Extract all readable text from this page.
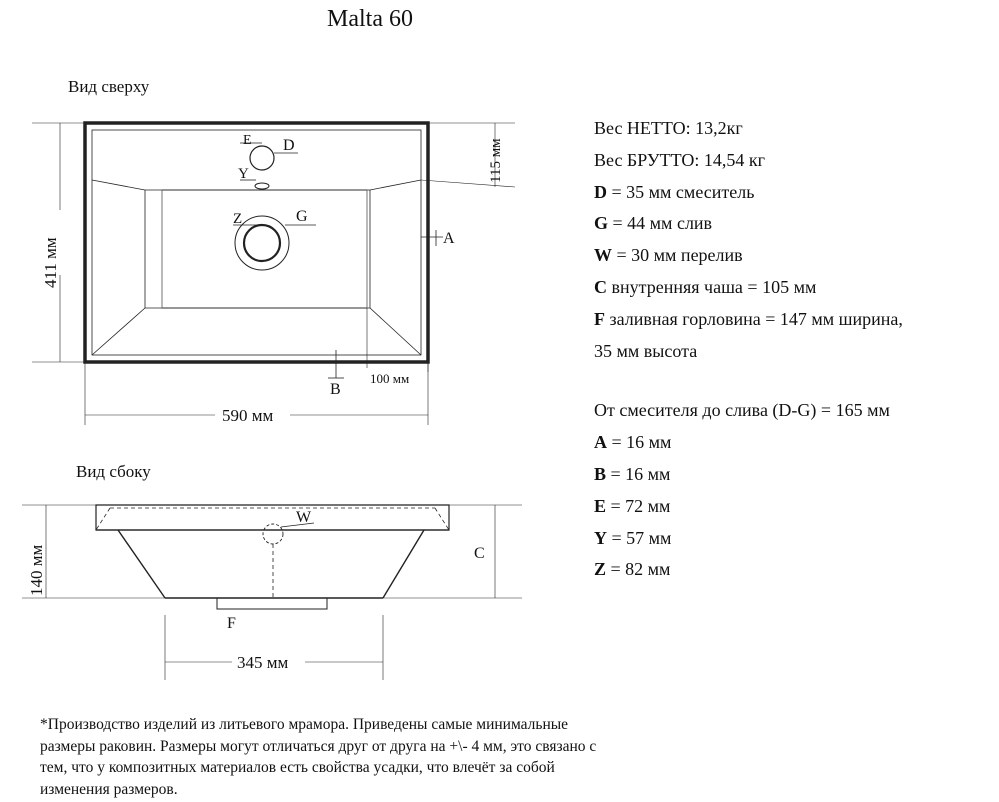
Malta 60
Вид сверху
Вид сбоку
E D
Y
Z	G
A
B
411 мм
590 мм
115 мм
100 мм
W
C
F
140 мм
345 мм
Вес НЕТТО: 13,2кг
Вес БРУТТО: 14,54 кг
D = 35 мм смеситель
G = 44 мм слив
W = 30 мм перелив
C внутренняя чаша = 105 мм
F заливная горловина = 147 мм ширина,
35 мм высота
От смесителя до слива (D-G) = 165 мм
A = 16 мм
B = 16 мм
E = 72 мм
Y = 57 мм
Z = 82 мм
*Производство изделий из литьевого мрамора. Приведены самые минимальные размеры раковин. Размеры могут отличаться друг от друга на +\- 4 мм, это связано с тем, что у композитных материалов есть свойства усадки, что влечёт за собой изменения размеров.
